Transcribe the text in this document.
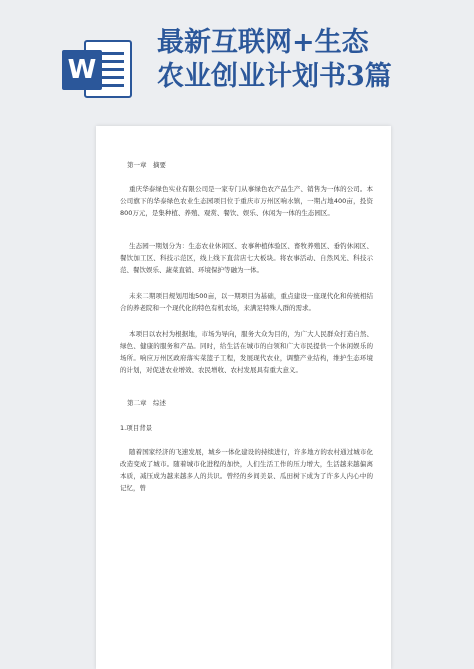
W
最新互联网+生态
农业创业计划书3篇
第一章　摘要

重庆华泰绿色实业有限公司是一家专门从事绿色农产品生产、销售为一体的公司。本公司旗下的华泰绿色农业生态园项目位于重庆市万州区响水镇，一期占地400亩，投资800万元，是集种植、养殖、观赏、餐饮、娱乐、休闲为一体的生态园区。

生态园一期划分为：生态农业休闲区、农事种植体验区、畜牧养殖区、垂钓休闲区、餐饮加工区、科技示范区，线上线下直营店七大板块。将农事活动、自然风光、科技示范、餐饮娱乐、蔬菜直销、环境保护等融为一体。

未来二期项目规划用地500亩，以一期项目为基础，重点建设一座现代化和传统相结合的养老院和一个现代化的特色有机农场，来满足特殊人群的需求。

本项目以农村为根据地，市场为导向，服务大众为目的，为广大人民群众打造自然、绿色、健康的服务和产品。同时，给生活在城市的白领和广大市民提供一个休闲娱乐的场所。响应万州区政府落实菜篮子工程，发展现代农业，调整产业结构，维护生态环境的计划，对促进农业增效、农民增收、农村发展具有重大意义。

第二章　综述
1.项目背景

随着国家经济的飞速发展，城乡一体化建设的持续进行，许多地方的农村通过城市化改造变成了城市。随着城市化进程的加快，人们生活工作的压力增大，生活越来越偏离本质，减压成为越来越多人的共识。曾经的乡间美景、瓜田树下成为了许多人内心中的记忆，曾
